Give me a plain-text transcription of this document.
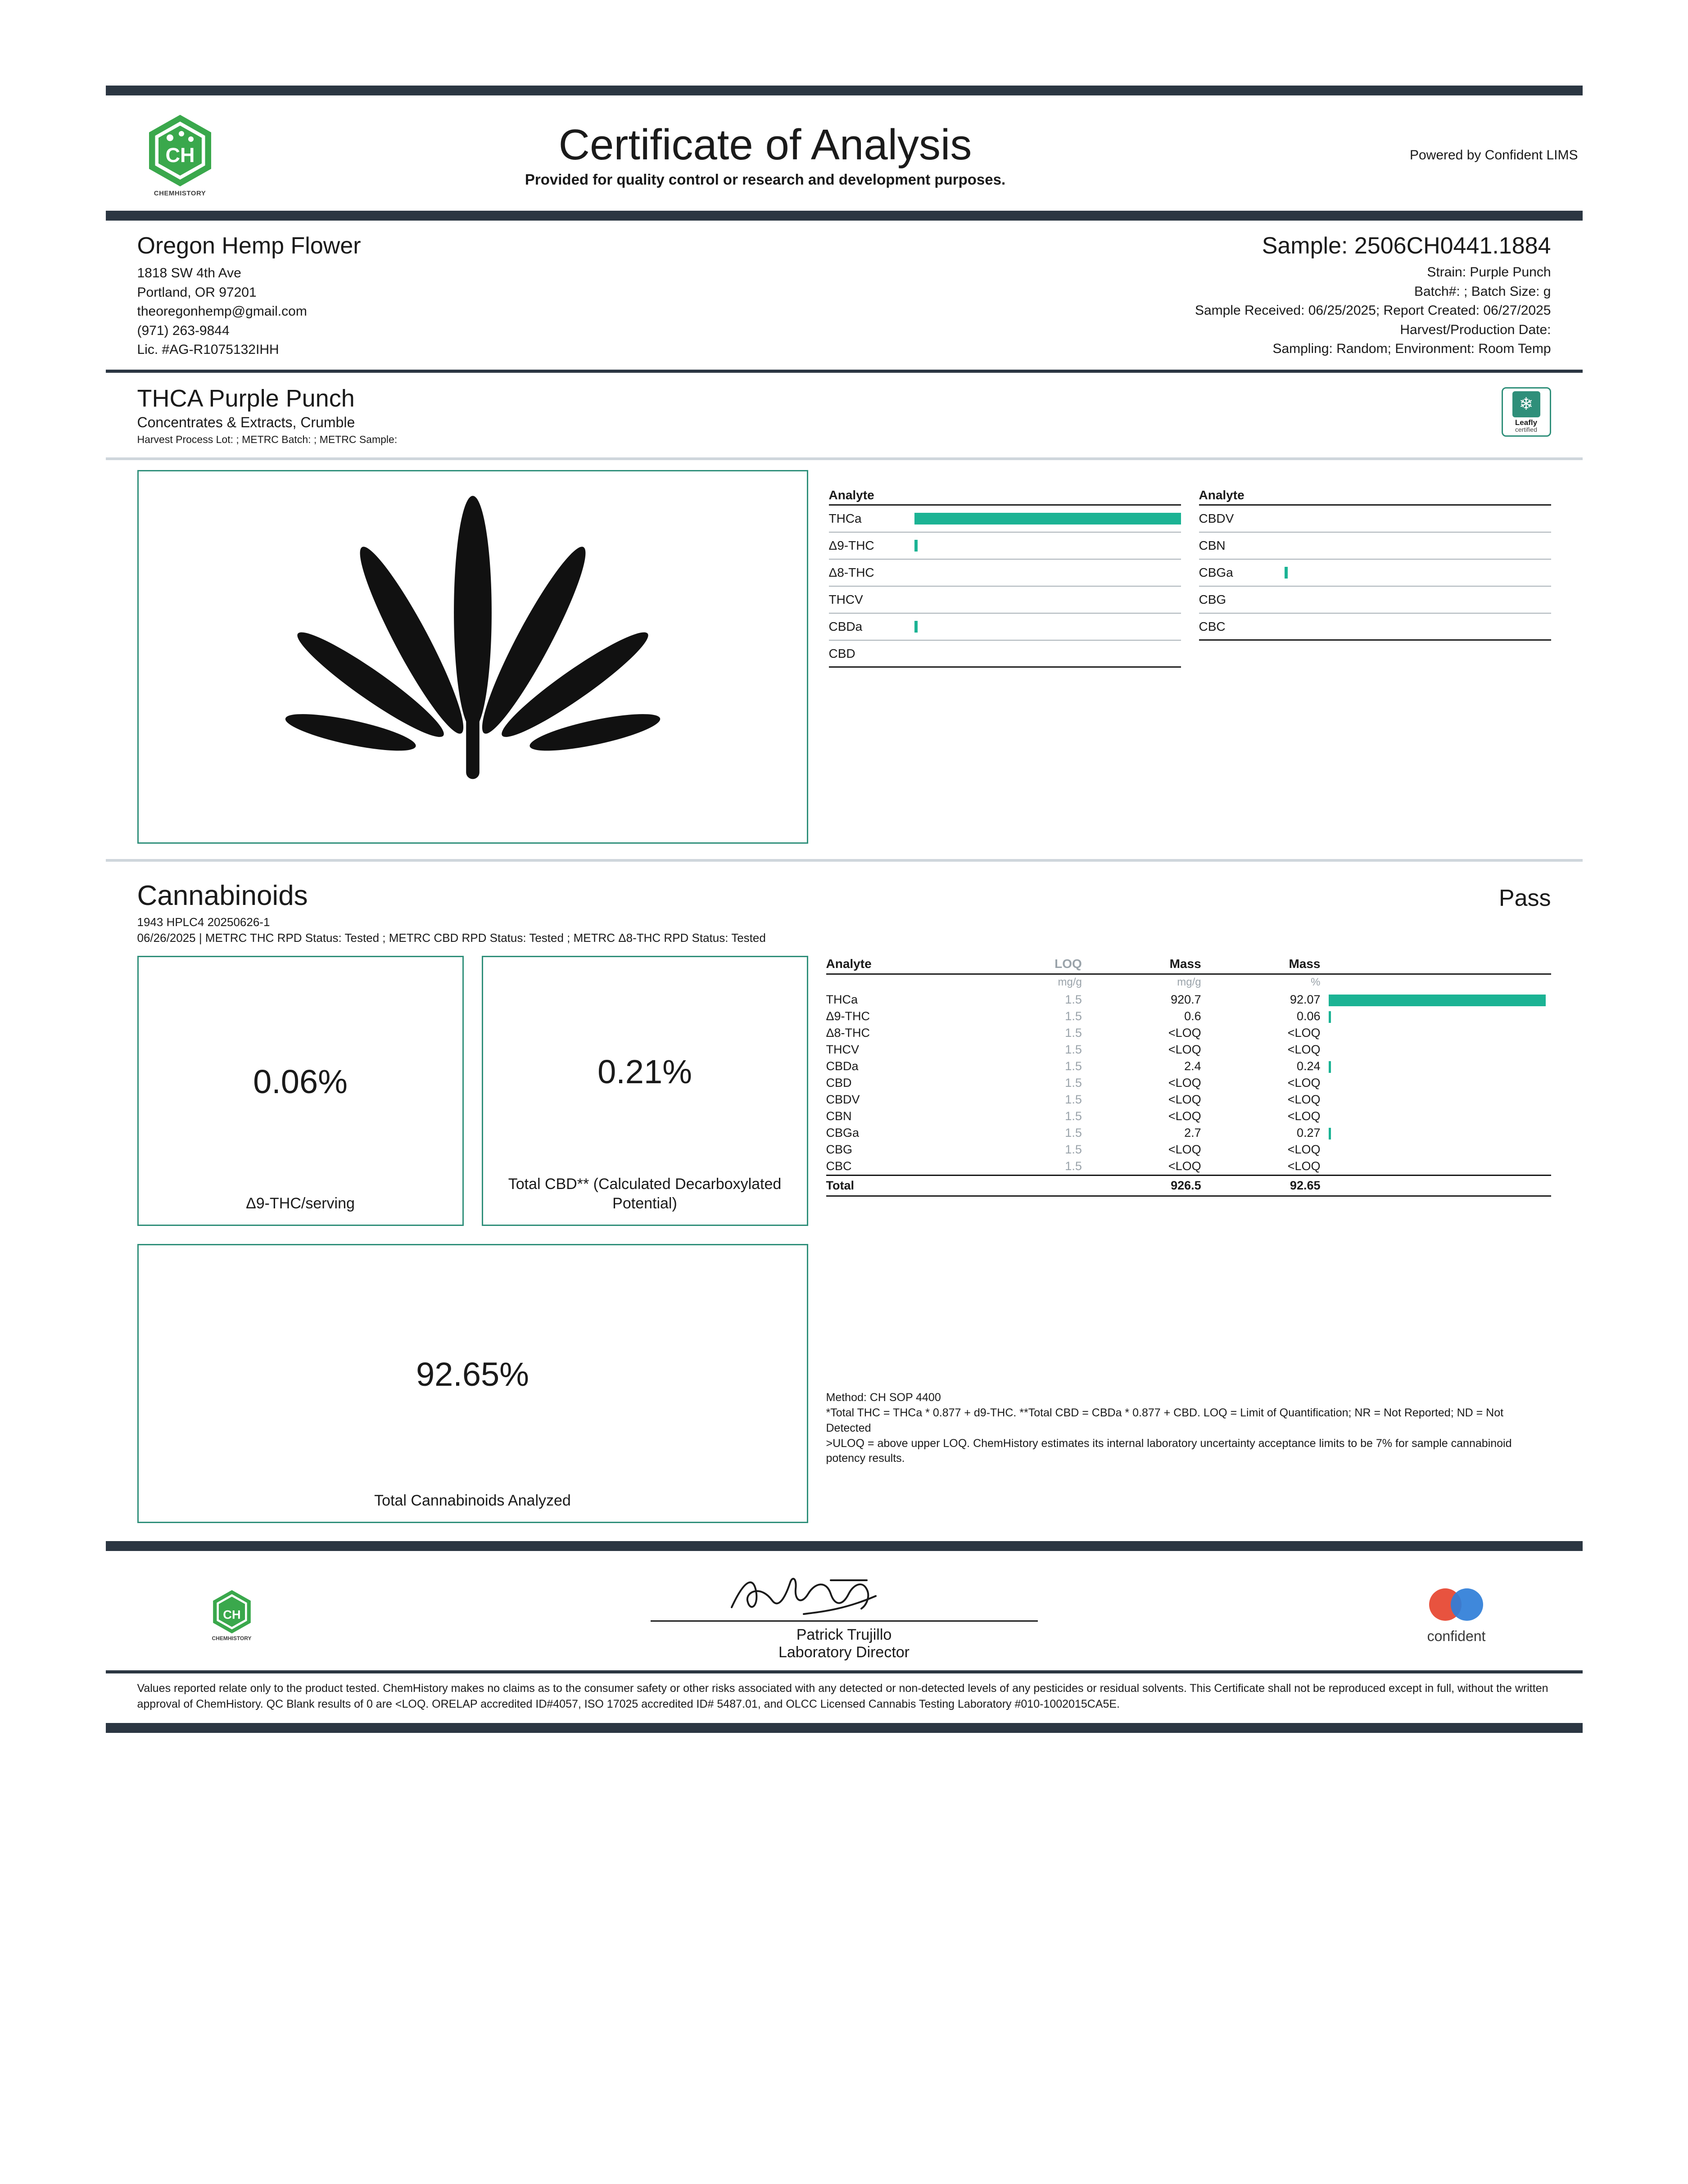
CH
CHEMHISTORY
Certificate of Analysis
Provided for quality control or research and development purposes.
Powered by Confident LIMS
Oregon Hemp Flower
1818 SW 4th Ave
Portland, OR 97201
theoregonhemp@gmail.com
(971) 263-9844
Lic. #AG-R1075132IHH
Sample: 2506CH0441.1884
Strain: Purple Punch
Batch#: ; Batch Size: g
Sample Received: 06/25/2025; Report Created: 06/27/2025
Harvest/Production Date:
Sampling: Random; Environment: Room Temp
THCA Purple Punch
Concentrates & Extracts, Crumble
Harvest Process Lot: ; METRC Batch: ; METRC Sample:
❄
Leafly
certified
Analyte
THCa
Δ9-THC
Δ8-THC
THCV
CBDa
CBD
Analyte
CBDV
CBN
CBGa
CBG
CBC
Cannabinoids	Pass
1943 HPLC4 20250626-1
06/26/2025 | METRC THC RPD Status: Tested ; METRC CBD RPD Status: Tested ; METRC Δ8-THC RPD Status: Tested
0.06%
Δ9-THC/serving
0.21%
Total CBD** (Calculated Decarboxylated Potential)
92.65%
Total Cannabinoids Analyzed
Analyte	LOQ	Mass	Mass	
	mg/g	mg/g	%	
THCa	1.5	920.7	92.07	
Δ9-THC	1.5	0.6	0.06	
Δ8-THC	1.5	<LOQ	<LOQ	
THCV	1.5	<LOQ	<LOQ	
CBDa	1.5	2.4	0.24	
CBD	1.5	<LOQ	<LOQ	
CBDV	1.5	<LOQ	<LOQ	
CBN	1.5	<LOQ	<LOQ	
CBGa	1.5	2.7	0.27	
CBG	1.5	<LOQ	<LOQ	
CBC	1.5	<LOQ	<LOQ	
Total		926.5	92.65	
Method: CH SOP 4400
*Total THC = THCa * 0.877 + d9-THC. **Total CBD = CBDa * 0.877 + CBD. LOQ = Limit of Quantification; NR = Not Reported; ND = Not Detected
>ULOQ = above upper LOQ. ChemHistory estimates its internal laboratory uncertainty acceptance limits to be 7% for sample cannabinoid potency results.
CH
CHEMHISTORY	Patrick Trujillo
Laboratory Director
confident
Values reported relate only to the product tested. ChemHistory makes no claims as to the consumer safety or other risks associated with any detected or non-detected levels of any pesticides or residual solvents. This Certificate shall not be reproduced except in full, without the written approval of ChemHistory. QC Blank results of 0 are <LOQ. ORELAP accredited ID#4057, ISO 17025 accredited ID# 5487.01, and OLCC Licensed Cannabis Testing Laboratory #010-1002015CA5E.
